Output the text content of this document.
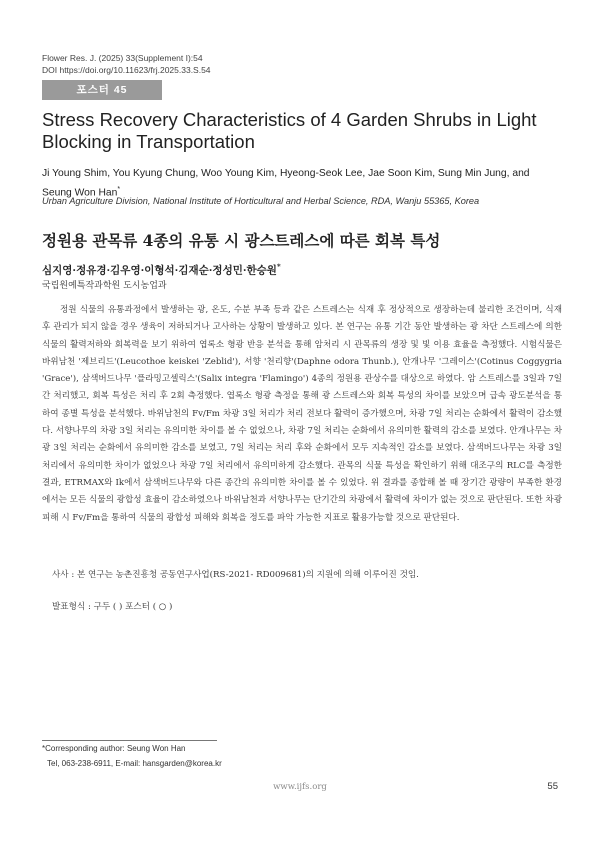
Flower Res. J. (2025) 33(Supplement I):54
DOI https://doi.org/10.11623/frj.2025.33.S.54
포스터 45
Stress Recovery Characteristics of 4 Garden Shrubs in Light Blocking in Transportation
Ji Young Shim, You Kyung Chung, Woo Young Kim, Hyeong-Seok Lee, Jae Soon Kim, Sung Min Jung, and Seung Won Han*
Urban Agriculture Division, National Institute of Horticultural and Herbal Science, RDA, Wanju 55365, Korea
정원용 관목류 4종의 유통 시 광스트레스에 따른 회복 특성
심지영·정유경·김우영·이형석·김재순·정성민·한승원*
국립원예특작과학원 도시농업과

정원 식물의 유통과정에서 발생하는 광, 온도, 수분 부족 등과 같은 스트레스는 식재 후 정상적으로 생장하는데 불리한 조건이며, 식재 후 관리가 되지 않을 경우 생육이 저하되거나 고사하는 상황이 발생하고 있다. 본 연구는 유통 기간 동안 발생하는 광 차단 스트레스에 의한 식물의 활력저하와 회복력을 보기 위하여 엽록소 형광 반응 분석을 통해 암처리 시 관목류의 생장 및 빛 이용 효율을 측정했다. 시험식물은 바위남천 '제브리드'(Leucothoe keiskei 'Zeblid'), 서향 '천리향'(Daphne odora Thunb.), 안개나무 '그레이스'(Cotinus Coggygria 'Grace'), 삼색버드나무 '플라밍고셀릭스'(Salix integra 'Flamingo') 4종의 정원용 관상수를 대상으로 하였다. 암 스트레스를 3일과 7일 간 처리했고, 회복 특성은 처리 후 2회 측정했다. 엽록소 형광 측정을 통해 광 스트레스와 회복 특성의 차이를 보았으며 급속 광도분석을 통하여 종별 특성을 분석했다. 바위남천의 Fv/Fm 차광 3일 처리가 처리 전보다 활력이 증가했으며, 차광 7일 처리는 순화에서 활력이 감소했다. 서향나무의 차광 3일 처리는 유의미한 차이를 볼 수 없었으나, 차광 7일 처리는 순화에서 유의미한 활력의 감소를 보였다. 안개나무는 차광 3일 처리는 순화에서 유의미한 감소를 보였고, 7일 처리는 처리 후와 순화에서 모두 지속적인 감소를 보였다. 삼색버드나무는 차광 3일 처리에서 유의미한 차이가 없었으나 차광 7일 처리에서 유의미하게 감소했다. 관목의 식물 특성을 확인하기 위해 대조구의 RLC를 측정한 결과, ETRMAX와 Ik에서 삼색버드나무와 다른 종간의 유의미한 차이를 볼 수 있었다. 위 결과를 종합해 볼 때 장기간 광량이 부족한 환경에서는 모든 식물의 광합성 효율이 감소하였으나 바위남천과 서향나무는 단기간의 차광에서 활력에 차이가 없는 것으로 판단된다. 또한 차광 피해 시 Fv/Fm을 통하여 식물의 광합성 피해와 회복을 정도를 파악 가능한 지표로 활용가능할 것으로 판단된다.

사사 : 본 연구는 농촌진흥청 공동연구사업(RS-2021- RD009681)의 지원에 의해 이루어진 것임.
발표형식 : 구두 ( ) 포스터 ( ○ )
*Corresponding author: Seung Won Han
Tel, 063-238-6911, E-mail: hansgarden@korea.kr
www.ijfs.org	55
